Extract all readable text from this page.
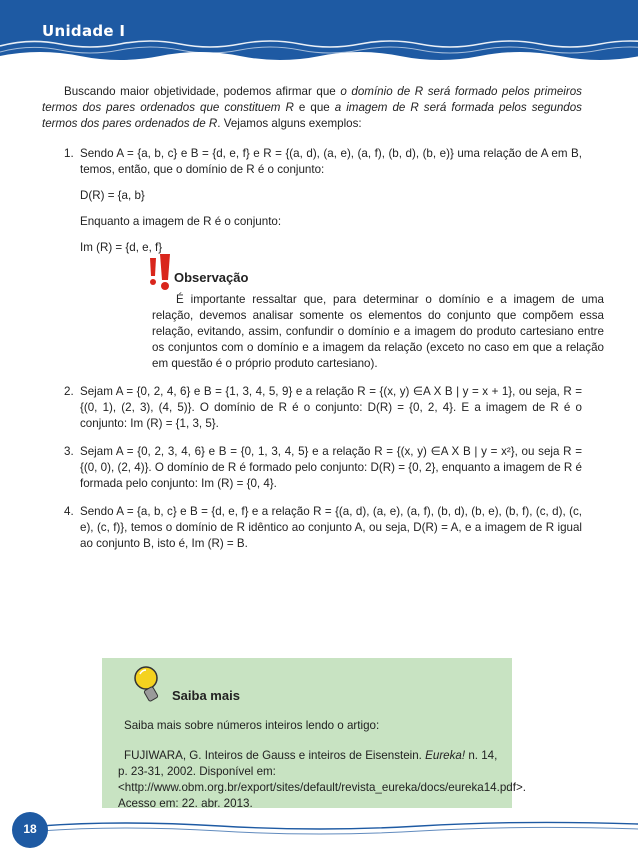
Unidade I

Buscando maior objetividade, podemos afirmar que o domínio de R será formado pelos primeiros termos dos pares ordenados que constituem R e que a imagem de R será formada pelos segundos termos dos pares ordenados de R. Vejamos alguns exemplos:

1. Sendo A = {a, b, c} e B = {d, e, f} e R = {(a, d), (a, e), (a, f), (b, d), (b, e)} uma relação de A em B, temos, então, que o domínio de R é o conjunto:

D(R) = {a, b}

Enquanto a imagem de R é o conjunto:

Im (R) = {d, e, f}

Observação

É importante ressaltar que, para determinar o domínio e a imagem de uma relação, devemos analisar somente os elementos do conjunto que compõem essa relação, evitando, assim, confundir o domínio e a imagem do produto cartesiano entre os conjuntos com o domínio e a imagem da relação (exceto no caso em que a relação em questão é o próprio produto cartesiano).

2. Sejam A = {0, 2, 4, 6} e B = {1, 3, 4, 5, 9} e a relação R = {(x, y) ∈A X B | y = x + 1}, ou seja, R = {(0, 1), (2, 3), (4, 5)}. O domínio de R é o conjunto: D(R) = {0, 2, 4}. E a imagem de R é o conjunto: Im (R) = {1, 3, 5}.

3. Sejam A = {0, 2, 3, 4, 6} e B = {0, 1, 3, 4, 5} e a relação R = {(x, y) ∈A X B | y = x²}, ou seja R ={(0, 0), (2, 4)}. O domínio de R é formado pelo conjunto: D(R) = {0, 2}, enquanto a imagem de R é formada pelo conjunto: Im (R) = {0, 4}.

4. Sendo A = {a, b, c} e B = {d, e, f} e a relação R = {(a, d), (a, e), (a, f), (b, d), (b, e), (b, f), (c, d), (c, e), (c, f)}, temos o domínio de R idêntico ao conjunto A, ou seja, D(R) = A, e a imagem de R igual ao conjunto B, isto é, Im (R) = B.

Saiba mais

Saiba mais sobre números inteiros lendo o artigo:

FUJIWARA, G. Inteiros de Gauss e inteiros de Eisenstein. Eureka! n. 14, p. 23-31, 2002. Disponível em: <http://www.obm.org.br/export/sites/default/revista_eureka/docs/eureka14.pdf>. Acesso em: 22. abr. 2013.

18
